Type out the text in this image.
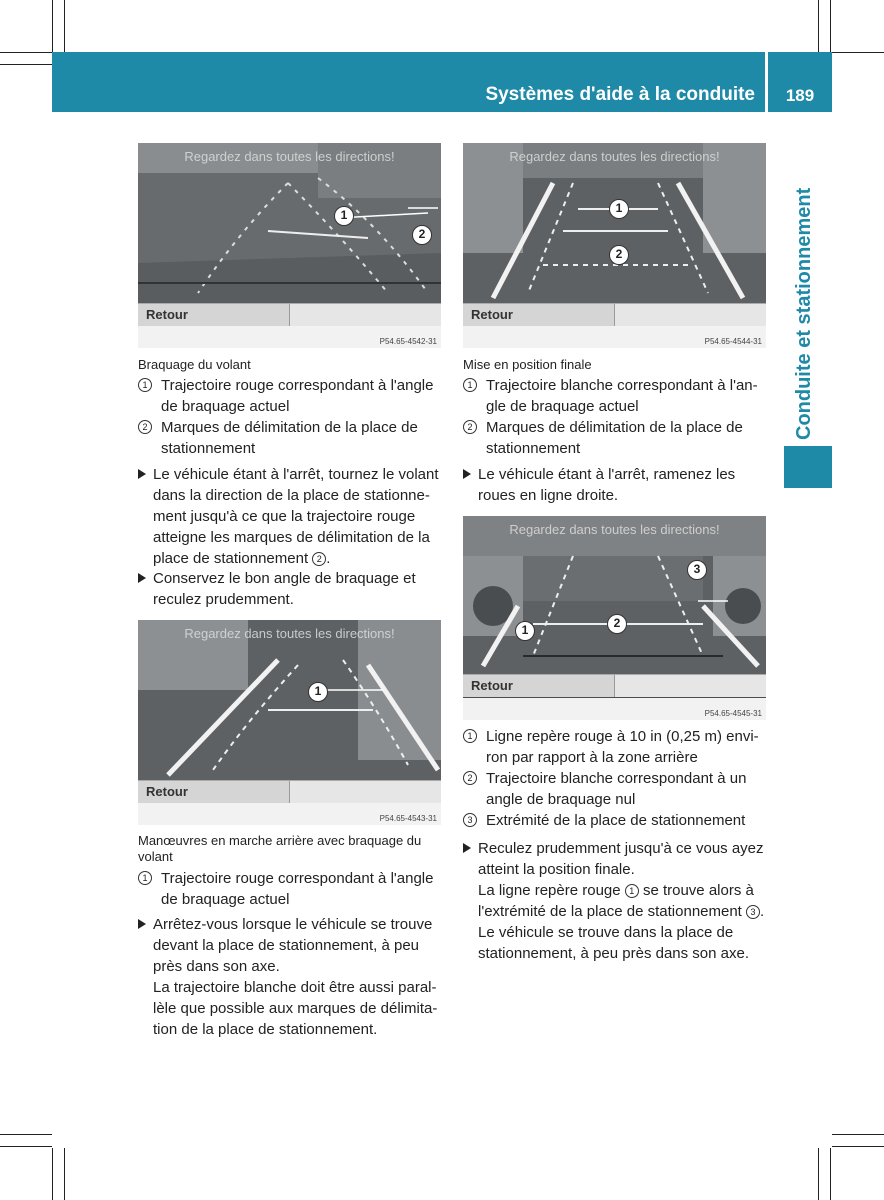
Systèmes d'aide à la conduite	189
Conduite et stationnement
Regardez dans toutes les directions!
1
2
Retour
P54.65-4542-31
Regardez dans toutes les directions!
1
2
Retour
P54.65-4544-31
Regardez dans toutes les directions!
1
Retour
P54.65-4543-31
Regardez dans toutes les directions!
3
1	2
Retour
P54.65-4545-31
Braquage du volant
1 Trajectoire rouge correspondant à l'angle de braquage actuel
2 Marques de délimitation de la place de stationnement
Le véhicule étant à l'arrêt, tournez le volant dans la direction de la place de stationne-ment jusqu'à ce que la trajectoire rouge atteigne les marques de délimitation de la place de stationnement 2 .
Conservez le bon angle de braquage et reculez prudemment.
Manœuvres en marche arrière avec braquage du volant
1 Trajectoire rouge correspondant à l'angle de braquage actuel
Arrêtez-vous lorsque le véhicule se trouve devant la place de stationnement, à peu près dans son axe.
La trajectoire blanche doit être aussi paral-lèle que possible aux marques de délimita-tion de la place de stationnement.
Mise en position finale
1 Trajectoire blanche correspondant à l'an-gle de braquage actuel
2 Marques de délimitation de la place de stationnement
Le véhicule étant à l'arrêt, ramenez les roues en ligne droite.
1 Ligne repère rouge à 10 in (0,25 m) envi-ron par rapport à la zone arrière
2 Trajectoire blanche correspondant à un angle de braquage nul
3 Extrémité de la place de stationnement
Reculez prudemment jusqu'à ce vous ayez atteint la position finale.
La ligne repère rouge 1 se trouve alors à l'extrémité de la place de stationnement 3 . Le véhicule se trouve dans la place de stationnement, à peu près dans son axe.
